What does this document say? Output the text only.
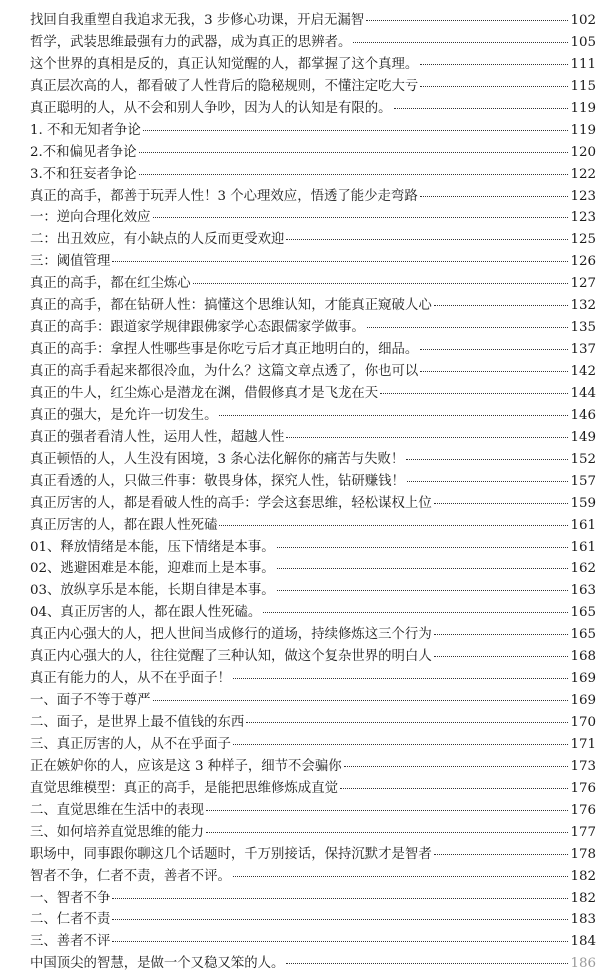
找回自我重塑自我追求无我，3 步修心功课，开启无漏智	102
哲学，武装思维最强有力的武器，成为真正的思辨者。	105
这个世界的真相是反的，真正认知觉醒的人，都掌握了这个真理。	111
真正层次高的人，都看破了人性背后的隐秘规则，不懂注定吃大亏	115
真正聪明的人，从不会和别人争吵，因为人的认知是有限的。	119
1. 不和无知者争论	119
2.不和偏见者争论	120
3.不和狂妄者争论	122
真正的高手，都善于玩弄人性！3 个心理效应，悟透了能少走弯路	123
一：逆向合理化效应	123
二：出丑效应，有小缺点的人反而更受欢迎	125
三：阈值管理	126
真正的高手，都在红尘炼心	127
真正的高手，都在钻研人性：搞懂这个思维认知，才能真正窥破人心	132
真正的高手：跟道家学规律跟佛家学心态跟儒家学做事。	135
真正的高手：拿捏人性哪些事是你吃亏后才真正地明白的，细品。	137
真正的高手看起来都很冷血，为什么？这篇文章点透了，你也可以	142
真正的牛人，红尘炼心是潜龙在渊，借假修真才是飞龙在天	144
真正的强大，是允许一切发生。	146
真正的强者看清人性，运用人性，超越人性	149
真正顿悟的人，人生没有困境，3 条心法化解你的痛苦与失败！	152
真正看透的人，只做三件事：敬畏身体，探究人性，钻研赚钱！	157
真正厉害的人，都是看破人性的高手：学会这套思维，轻松谋权上位	159
真正厉害的人，都在跟人性死磕	161
01、释放情绪是本能，压下情绪是本事。	161
02、逃避困难是本能，迎难而上是本事。	162
03、放纵享乐是本能，长期自律是本事。	163
04、真正厉害的人，都在跟人性死磕。	165
真正内心强大的人，把人世间当成修行的道场，持续修炼这三个行为	165
真正内心强大的人，往往觉醒了三种认知，做这个复杂世界的明白人	168
真正有能力的人，从不在乎面子！	169
一、面子不等于尊严	169
二、面子，是世界上最不值钱的东西	170
三、真正厉害的人，从不在乎面子	171
正在嫉妒你的人，应该是这 3 种样子，细节不会骗你	173
直觉思维模型：真正的高手，是能把思维修炼成直觉	176
二、直觉思维在生活中的表现	176
三、如何培养直觉思维的能力	177
职场中，同事跟你聊这几个话题时，千万别接话，保持沉默才是智者	178
智者不争，仁者不责，善者不评。	182
一、智者不争	182
二、仁者不责	183
三、善者不评	184
中国顶尖的智慧，是做一个又稳又笨的人。	186
